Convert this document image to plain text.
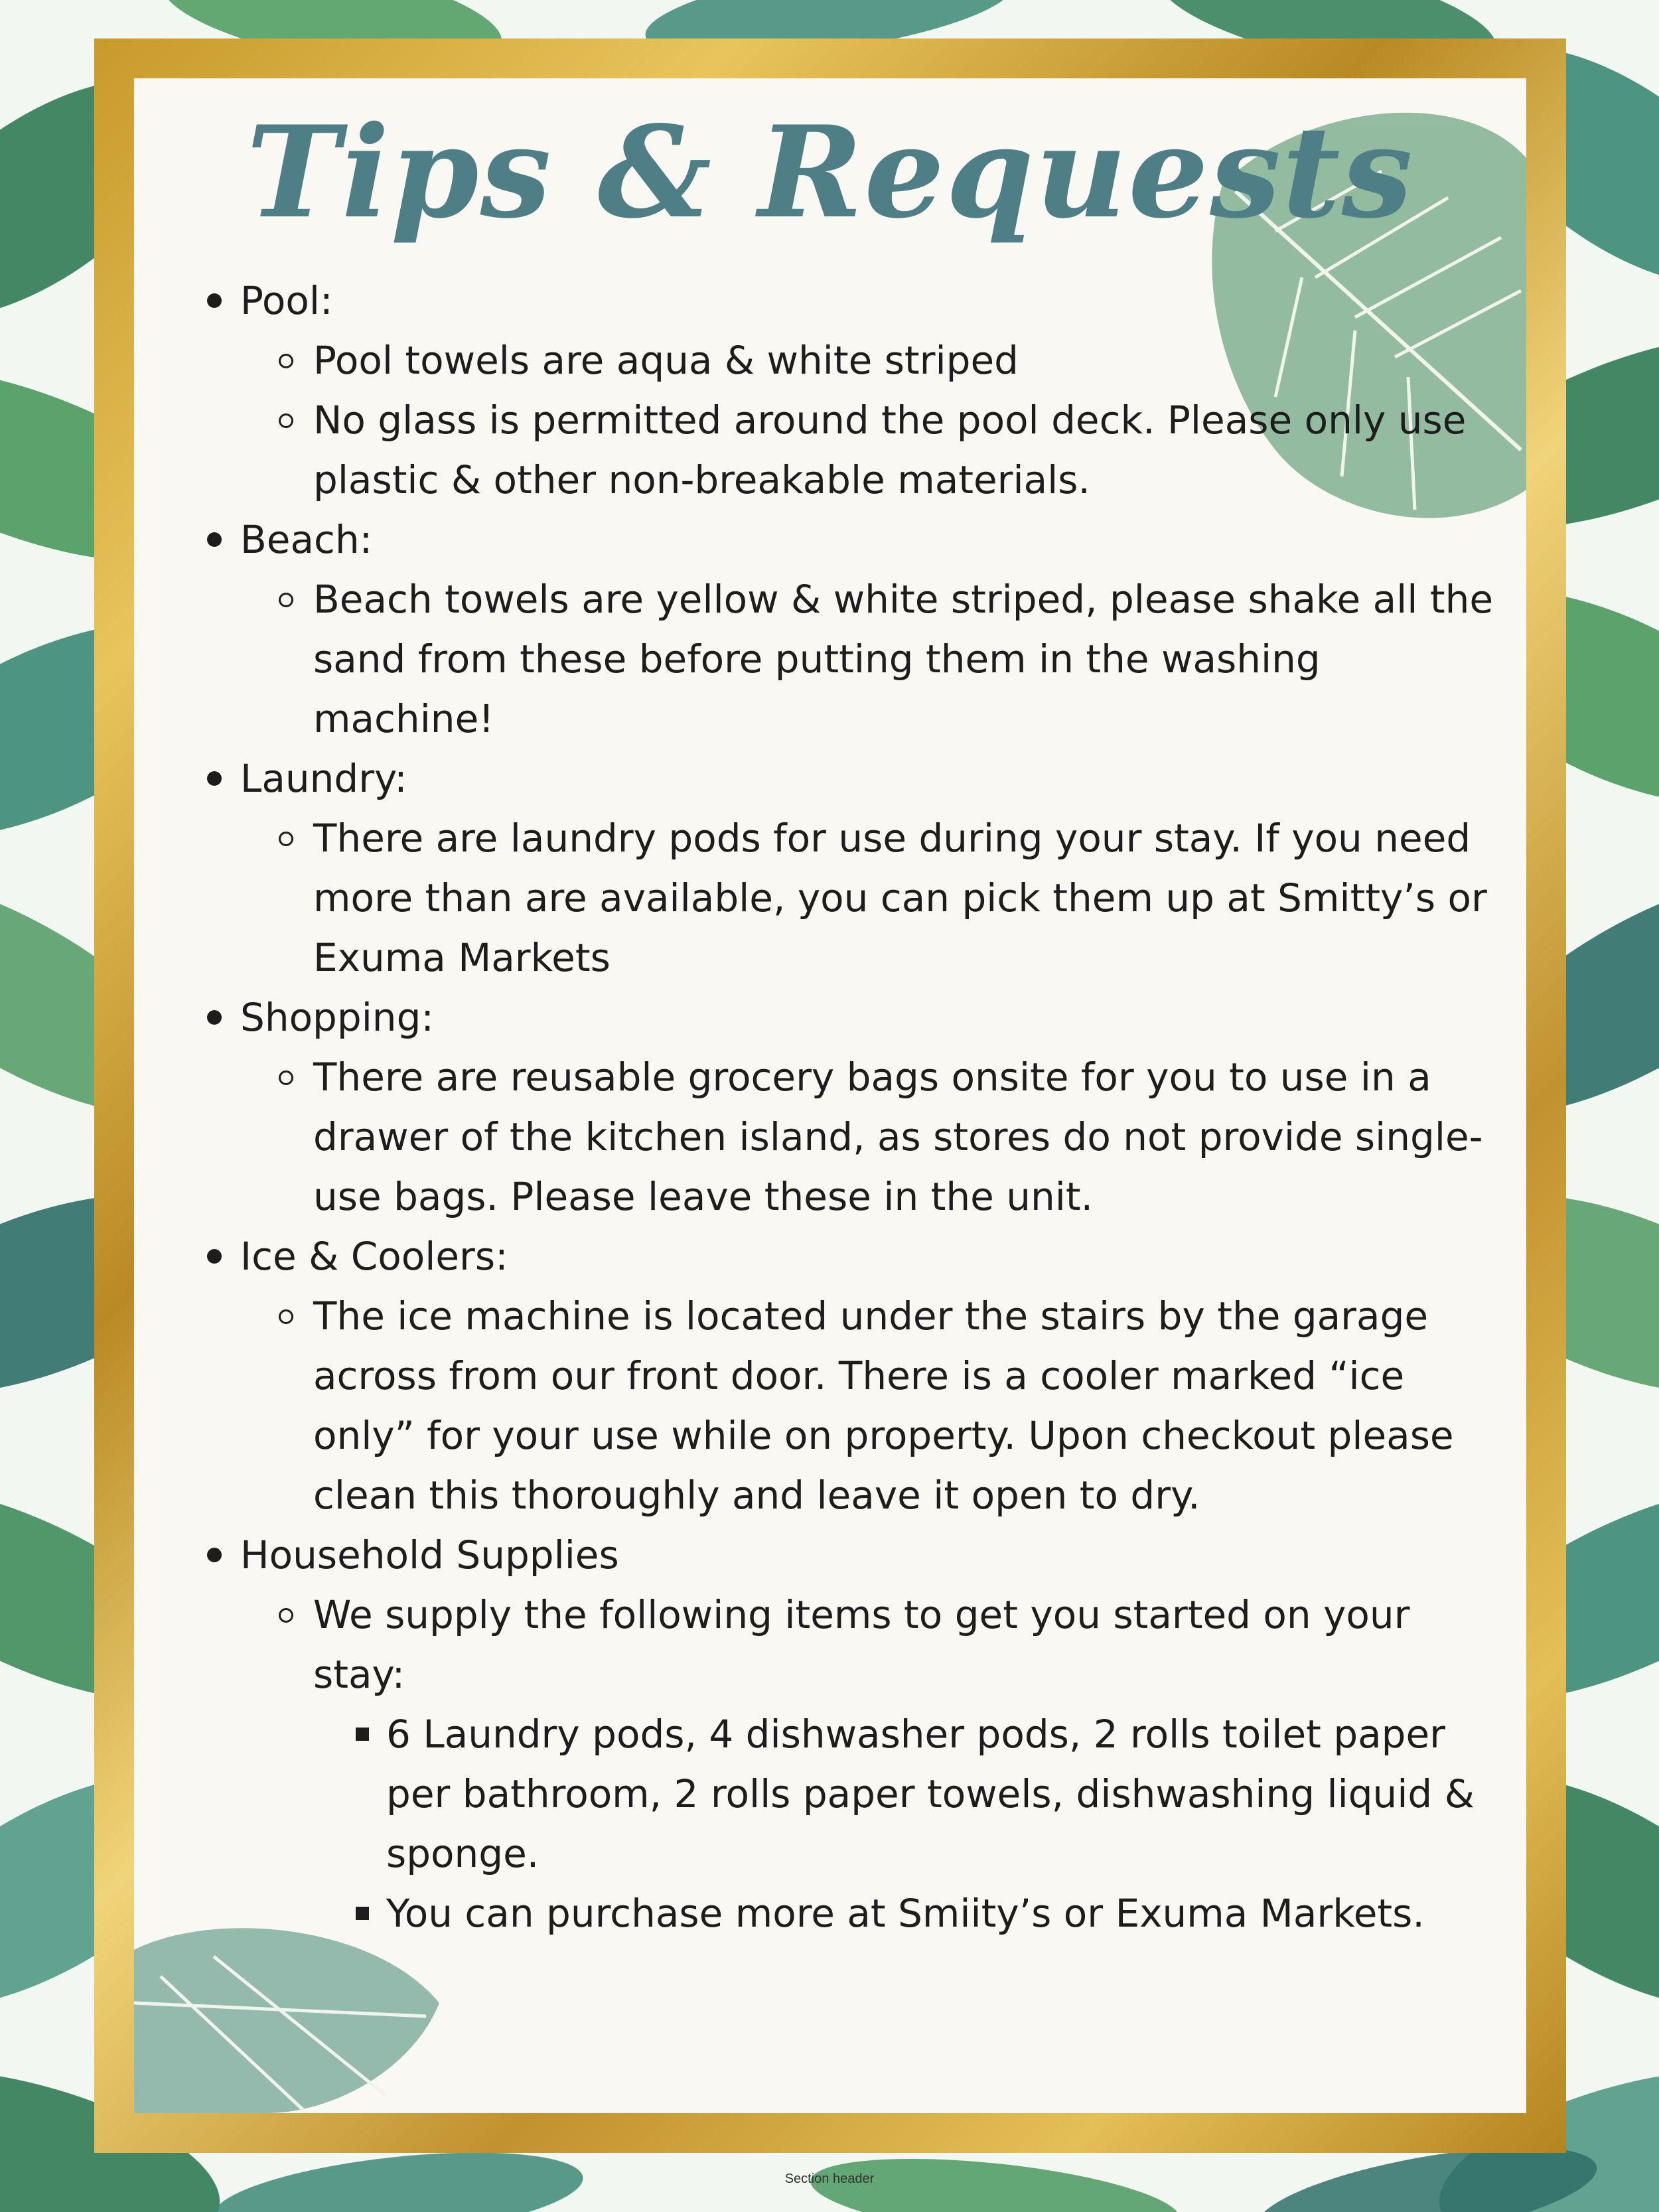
Tips & Requests
Pool:
Pool towels are aqua & white striped
No glass is permitted around the pool deck. Please only use plastic & other non-breakable materials.
Beach:
Beach towels are yellow & white striped, please shake all the sand from these before putting them in the washing machine!
Laundry:
There are laundry pods for use during your stay. If you need more than are available, you can pick them up at Smitty’s or Exuma Markets
Shopping:
There are reusable grocery bags onsite for you to use in a drawer of the kitchen island, as stores do not provide single-use bags. Please leave these in the unit.
Ice & Coolers:
The ice machine is located under the stairs by the garage across from our front door. There is a cooler marked “ice only” for your use while on property. Upon checkout please clean this thoroughly and leave it open to dry.
Household Supplies
We supply the following items to get you started on your stay:
6 Laundry pods, 4 dishwasher pods, 2 rolls toilet paper per bathroom, 2 rolls paper towels, dishwashing liquid & sponge.
You can purchase more at Smiity’s or Exuma Markets.
Section header
